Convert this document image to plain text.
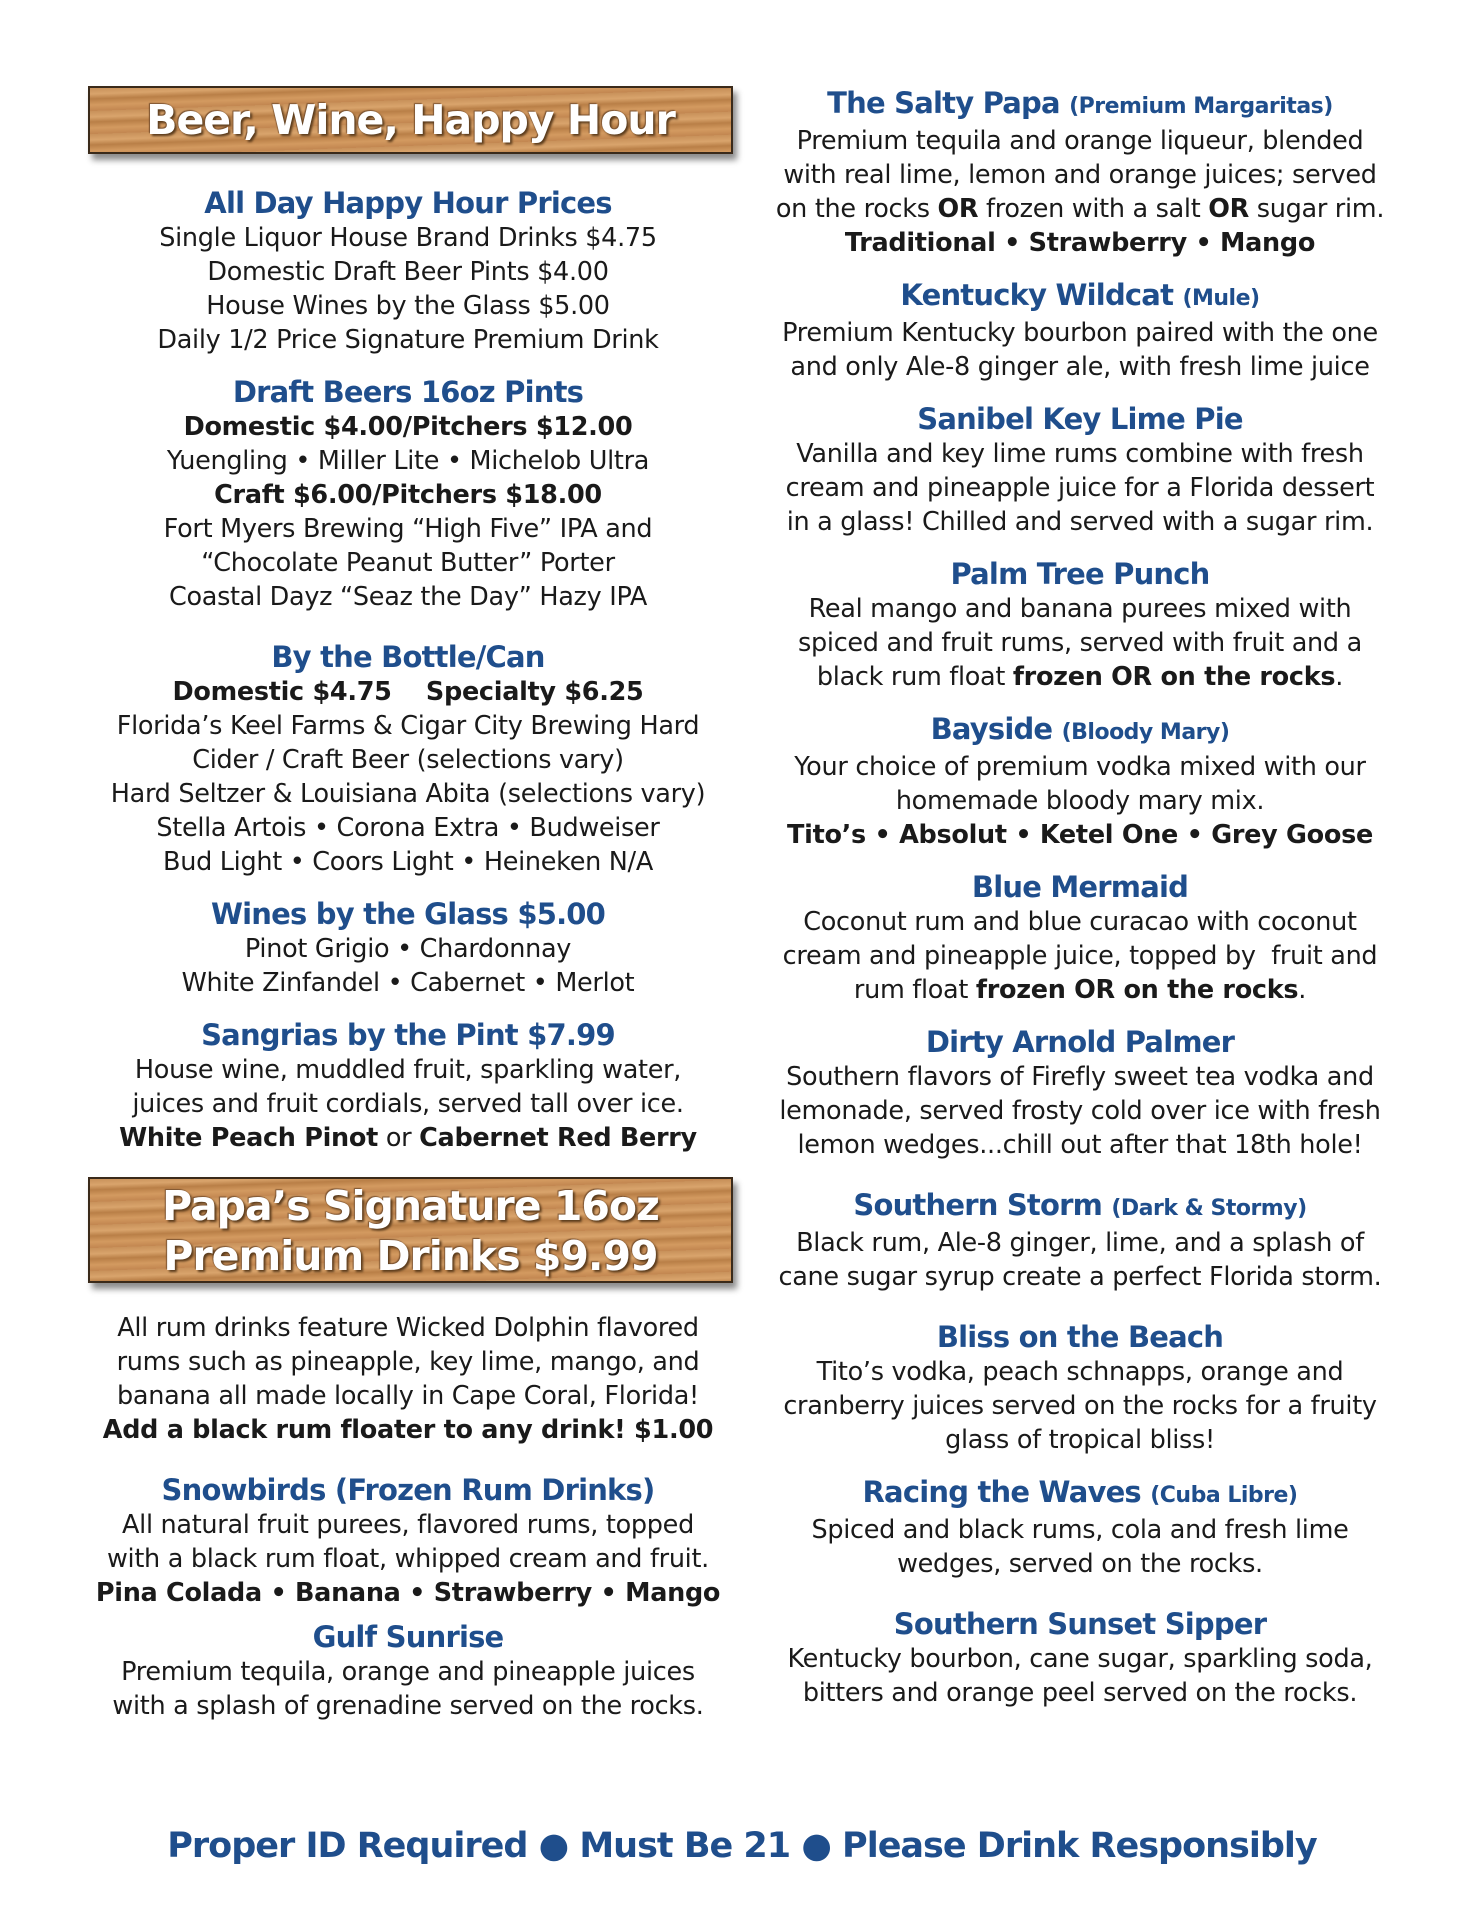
Beer, Wine, Happy Hour
All Day Happy Hour Prices
Single Liquor House Brand Drinks $4.75
Domestic Draft Beer Pints $4.00
House Wines by the Glass $5.00
Daily 1/2 Price Signature Premium Drink
Draft Beers 16oz Pints
Domestic $4.00/Pitchers $12.00
Yuengling • Miller Lite • Michelob Ultra
Craft $6.00/Pitchers $18.00
Fort Myers Brewing “High Five” IPA and
“Chocolate Peanut Butter” Porter
Coastal Dayz “Seaz the Day” Hazy IPA
By the Bottle/Can
Domestic $4.75    Specialty $6.25
Florida’s Keel Farms & Cigar City Brewing Hard
Cider / Craft Beer (selections vary)
Hard Seltzer & Louisiana Abita (selections vary)
Stella Artois • Corona Extra • Budweiser
Bud Light • Coors Light • Heineken N/A
Wines by the Glass $5.00
Pinot Grigio • Chardonnay
White Zinfandel • Cabernet • Merlot
Sangrias by the Pint $7.99
House wine, muddled fruit, sparkling water,
juices and fruit cordials, served tall over ice.
White Peach Pinot or Cabernet Red Berry
Papa’s Signature 16oz
Premium Drinks $9.99
All rum drinks feature Wicked Dolphin flavored
rums such as pineapple, key lime, mango, and
banana all made locally in Cape Coral, Florida!
Add a black rum floater to any drink! $1.00
Snowbirds (Frozen Rum Drinks)
All natural fruit purees, flavored rums, topped
with a black rum float, whipped cream and fruit.
Pina Colada • Banana • Strawberry • Mango
Gulf Sunrise
Premium tequila, orange and pineapple juices
with a splash of grenadine served on the rocks.
The Salty Papa (Premium Margaritas)
Premium tequila and orange liqueur, blended
with real lime, lemon and orange juices; served
on the rocks OR frozen with a salt OR sugar rim.
Traditional • Strawberry • Mango
Kentucky Wildcat (Mule)
Premium Kentucky bourbon paired with the one
and only Ale-8 ginger ale, with fresh lime juice
Sanibel Key Lime Pie
Vanilla and key lime rums combine with fresh
cream and pineapple juice for a Florida dessert
in a glass! Chilled and served with a sugar rim.
Palm Tree Punch
Real mango and banana purees mixed with
spiced and fruit rums, served with fruit and a
black rum float frozen OR on the rocks.
Bayside (Bloody Mary)
Your choice of premium vodka mixed with our
homemade bloody mary mix.
Tito’s • Absolut • Ketel One • Grey Goose
Blue Mermaid
Coconut rum and blue curacao with coconut
cream and pineapple juice, topped by  fruit and
rum float frozen OR on the rocks.
Dirty Arnold Palmer
Southern flavors of Firefly sweet tea vodka and
lemonade, served frosty cold over ice with fresh
lemon wedges...chill out after that 18th hole!
Southern Storm (Dark & Stormy)
Black rum, Ale-8 ginger, lime, and a splash of
cane sugar syrup create a perfect Florida storm.
Bliss on the Beach
Tito’s vodka, peach schnapps, orange and
cranberry juices served on the rocks for a fruity
glass of tropical bliss!
Racing the Waves (Cuba Libre)
Spiced and black rums, cola and fresh lime
wedges, served on the rocks.
Southern Sunset Sipper
Kentucky bourbon, cane sugar, sparkling soda,
bitters and orange peel served on the rocks.
Proper ID Required ● Must Be 21 ● Please Drink Responsibly
